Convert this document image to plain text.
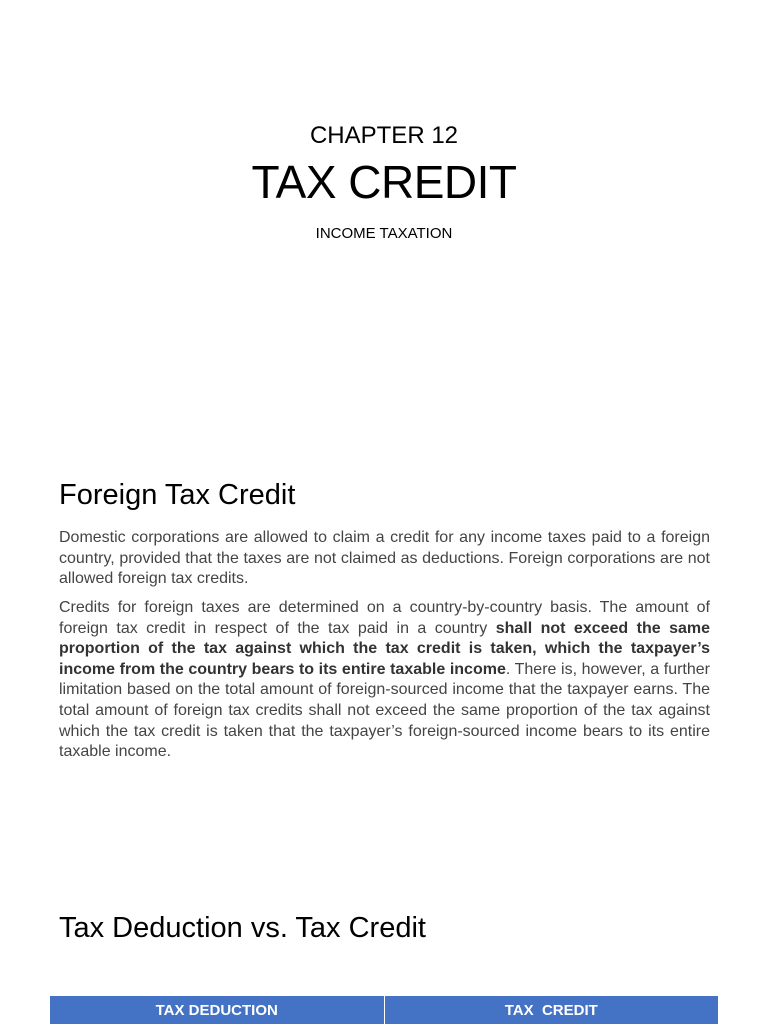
CHAPTER 12
TAX CREDIT
INCOME TAXATION
Foreign Tax Credit

Domestic corporations are allowed to claim a credit for any income taxes paid to a foreign country, provided that the taxes are not claimed as deductions. Foreign corporations are not allowed foreign tax credits.

Credits for foreign taxes are determined on a country-by-country basis. The amount of foreign tax credit in respect of the tax paid in a country shall not exceed the same proportion of the tax against which the tax credit is taken, which the taxpayer’s income from the country bears to its entire taxable income. There is, however, a further limitation based on the total amount of foreign-sourced income that the taxpayer earns. The total amount of foreign tax credits shall not exceed the same proportion of the tax against which the tax credit is taken that the taxpayer’s foreign-sourced income bears to its entire taxable income.

Tax Deduction vs. Tax Credit
TAX DEDUCTION	TAX  CREDIT
